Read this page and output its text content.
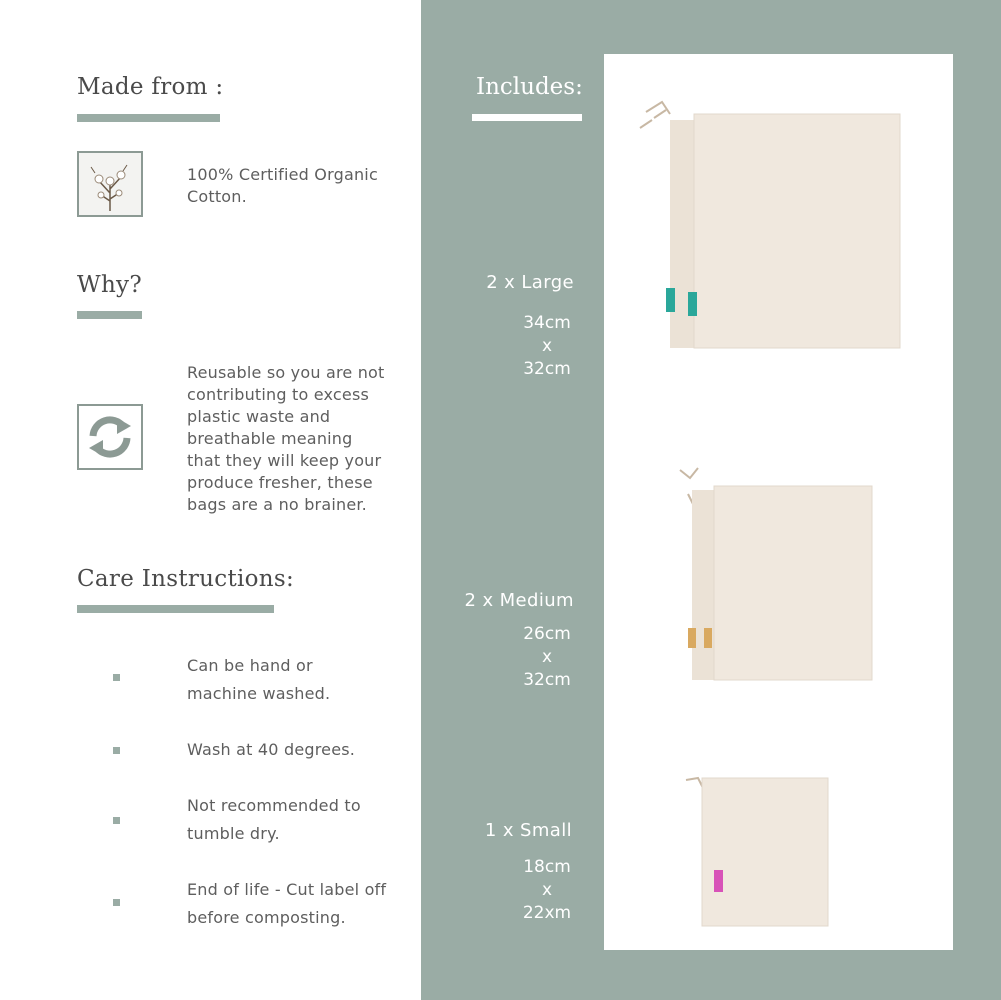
Made from :
100% Certified Organic
Cotton.
Why?
Reusable so you are not
contributing to excess
plastic waste and
breathable meaning
that they will keep your
produce fresher, these
bags are a no brainer.
Care Instructions:
Can be hand or
machine washed.
Wash at 40 degrees.
Not recommended to
tumble dry.
End of life - Cut label off
before composting.
Includes:
2 x Large
34cm
x
32cm
2 x Medium
26cm
x
32cm
1 x Small
18cm
x
22xm
